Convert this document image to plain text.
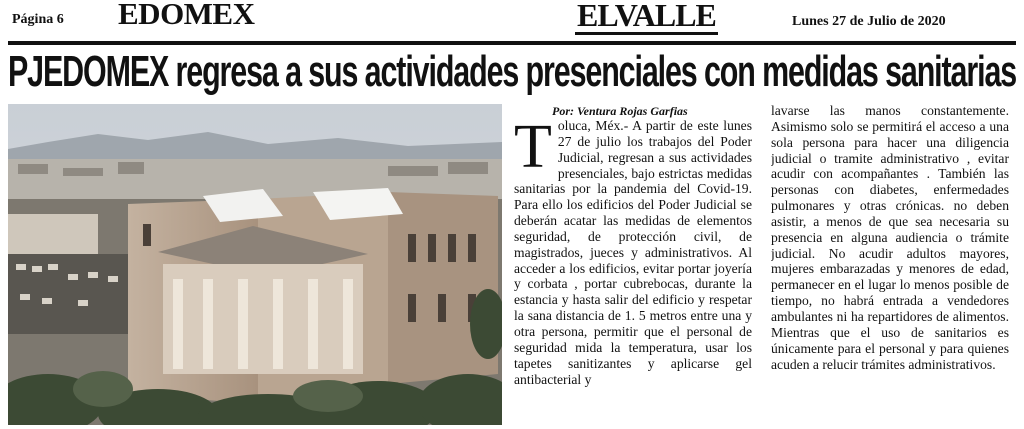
Página 6 EDOMEX	ELVALLE	Lunes 27 de Julio de 2020
PJEDOMEX regresa a sus actividades presenciales con medidas sanitarias
Por: Ventura Rojas Garfias
T oluca, Méx.- A partir de este lunes 27 de julio los trabajos del Poder Judicial, regresan a sus actividades presenciales, bajo estrictas medidas sanitarias por la pandemia del Covid-19. Para ello los edificios del Poder Judicial se deberán acatar las medidas de elementos seguridad, de protección civil, de magistrados, jueces y administrativos. Al acceder a los edificios, evitar portar joyería y corbata , portar cubrebocas, durante la estancia y hasta salir del edificio y respetar la sana distancia de 1. 5 metros entre una y otra persona, permitir que el personal de seguridad mida la temperatura, usar los tapetes sanitizantes y aplicarse gel antibacterial y

lavarse las manos constantemente. Asimismo solo se permitirá el acceso a una sola persona para hacer una diligencia judicial o tramite administrativo , evitar acudir con acompañantes . También las personas con diabetes, enfermedades pulmonares y otras crónicas. no deben asistir, a menos de que sea necesaria su presencia en alguna audiencia o trámite judicial. No acudir adultos mayores, mujeres embarazadas y menores de edad, permanecer en el lugar lo menos posible de tiempo, no habrá entrada a vendedores ambulantes ni ha repartidores de alimentos. Mientras que el uso de sanitarios es únicamente para el personal y para quienes acuden a relucir trámites administrativos.
